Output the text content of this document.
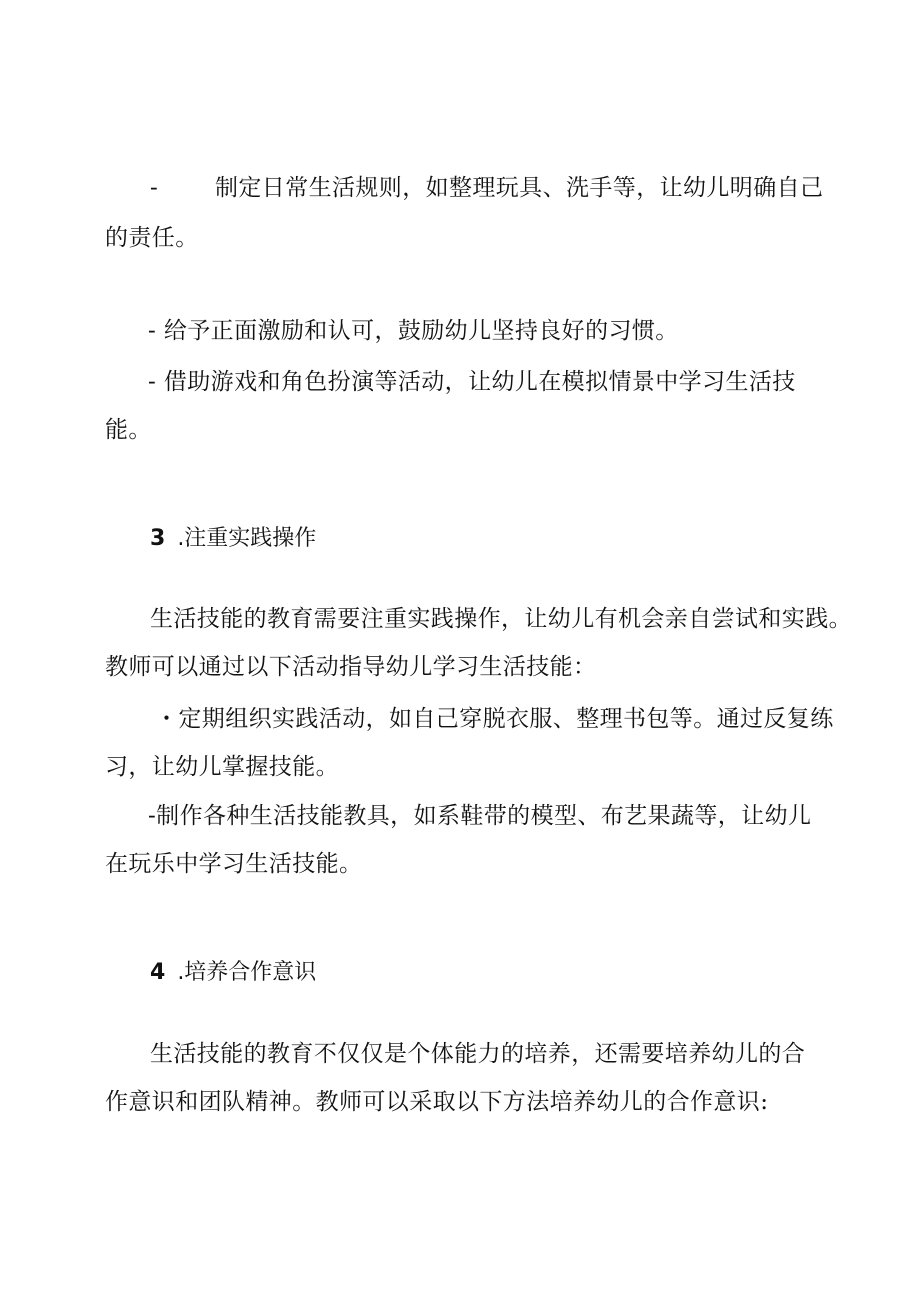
- 制定日常生活规则，如整理玩具、洗手等，让幼儿明确自己

的责任。

- 给予正面激励和认可，鼓励幼儿坚持良好的习惯。

- 借助游戏和角色扮演等活动，让幼儿在模拟情景中学习生活技

能。

3 .注重实践操作

生活技能的教育需要注重实践操作，让幼儿有机会亲自尝试和实践。

教师可以通过以下活动指导幼儿学习生活技能：

・定期组织实践活动，如自己穿脱衣服、整理书包等。通过反复练

习，让幼儿掌握技能。

-制作各种生活技能教具，如系鞋带的模型、布艺果蔬等，让幼儿

在玩乐中学习生活技能。

4 .培养合作意识

生活技能的教育不仅仅是个体能力的培养，还需要培养幼儿的合

作意识和团队精神。教师可以采取以下方法培养幼儿的合作意识:
